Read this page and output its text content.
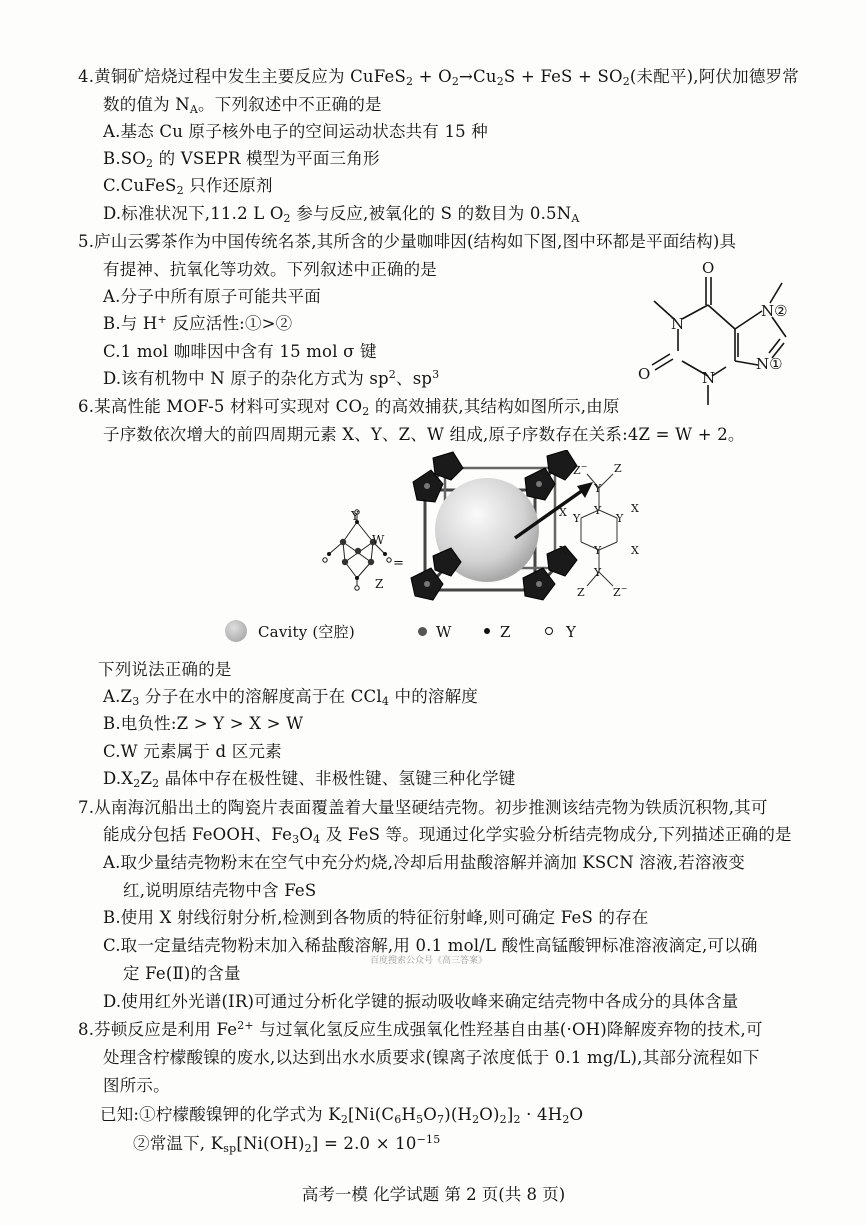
4.黄铜矿焙烧过程中发生主要反应为 CuFeS$_2$ + $O_2\to Cu_2S$ + FeS + $SO_2$(未配平),阿伏加德罗常
数的值为 $N_A$。下列叙述中不正确的是
A.基态 Cu 原子核外电子的空间运动状态共有 15 种
$B.SO_2$ 的 VSEPR 模型为平面三角形
C.CuFeS$_2$ 只作还原剂
D.标准状况下,11.2 L $O_2$ 参与反应,被氧化的 S 的数目为 $0.5N_A$
5.庐山云雾茶作为中国传统名茶,其所含的少量咖啡因(结构如下图,图中环都是平面结构)具
有提神、抗氧化等功效。下列叙述中正确的是
A.分子中所有原子可能共平面
B.与 H+ 反应活性:①>②
C.1 mol 咖啡因中含有 15 mol σ 键
D.该有机物中 N 原子的杂化方式为 $sp^2$、$sp^3$
O
O
N
N
N②
N①
6.某高性能 MOF-5 材料可实现对 $CO_2$ 的高效捕获,其结构如图所示,由原
子序数依次增大的前四周期元素 X、Y、Z、W 组成,原子序数存在关系:4Z = W + 2。
Y
W
Z
=
Z− Z
Y
Y
X	X
X	X
Y	Y
Y
Y
Z	Z−
Cavity (空腔)	W	Z	Y
下列说法正确的是
$A.Z_3$ 分子在水中的溶解度高于在 CCl$_4$ 中的溶解度
B.电负性:Z > Y > X > W
C.W 元素属于 d 区元素
$D.X_2Z_2$ 晶体中存在极性键、非极性键、氢键三种化学键
7.从南海沉船出土的陶瓷片表面覆盖着大量坚硬结壳物。初步推测该结壳物为铁质沉积物,其可
能成分包括 FeOOH、$Fe_3O_4$ 及 FeS 等。现通过化学实验分析结壳物成分,下列描述正确的是
A.取少量结壳物粉末在空气中充分灼烧,冷却后用盐酸溶解并滴加 KSCN 溶液,若溶液变
红,说明原结壳物中含 FeS
B.使用 X 射线衍射分析,检测到各物质的特征衍射峰,则可确定 FeS 的存在
C.取一定量结壳物粉末加入稀盐酸溶解,用 0.1 mol/L 酸性高锰酸钾标准溶液滴定,可以确
定 Fe(Ⅱ)的含量
百度搜索公众号《高三答案》
D.使用红外光谱(IR)可通过分析化学键的振动吸收峰来确定结壳物中各成分的具体含量
8.芬顿反应是利用 $Fe^{2+}$ 与过氧化氢反应生成强氧化性羟基自由基(·OH)降解废弃物的技术,可
处理含柠檬酸镍的废水,以达到出水水质要求(镍离子浓度低于 0.1 mg/L),其部分流程如下
图所示。
已知:①柠檬酸镍钾的化学式为 $K_2[Ni(C_6H_5O_7)(H_2O)_2]_2 \cdot 4H_2O$
②常温下, $K_{sp}[Ni(OH)_2] = 2.0 \times 10^{-15}$
高考一模 化学试题 第 2 页(共 8 页)
